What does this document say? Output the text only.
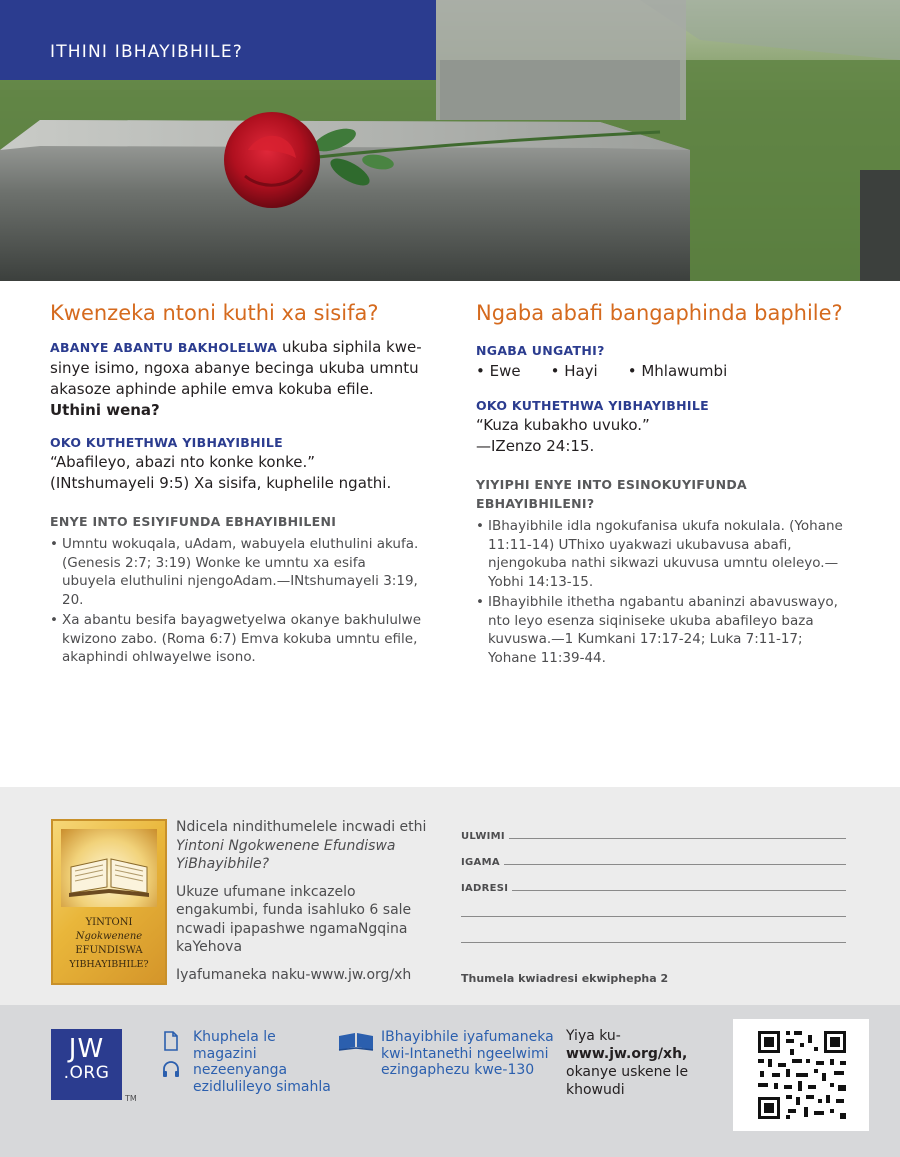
ITHINI IBHAYIBHILE?
Kwenzeka ntoni kuthi xa sisifa?

ABANYE ABANTU BAKHOLELWA ukuba siphila kwe-sinye isimo, ngoxa abanye becinga ukuba umntu akasoze aphinde aphile emva kokuba efile. Uthini wena?

OKO KUTHETHWA YIBHAYIBHILE

“Abafileyo, abazi nto konke konke.” (INtshumayeli 9:5) Xa sisifa, kuphelile ngathi.

ENYE INTO ESIYIFUNDA EBHAYIBHILENI
• Umntu wokuqala, uAdam, wabuyela eluthulini akufa. (Genesis 2:7; 3:19) Wonke ke umntu xa esifa ubuyela eluthulini njengoAdam.—INtshumayeli 3:19, 20.
• Xa abantu besifa bayagwetyelwa okanye bakhululwe kwizono zabo. (Roma 6:7) Emva kokuba umntu efile, akaphindi ohlwayelwe isono.
Ngaba abafi bangaphinda baphile?
NGABA UNGATHI?
• Ewe • Hayi • Mhlawumbi
OKO KUTHETHWA YIBHAYIBHILE

“Kuza kubakho uvuko.”

—IZenzo 24:15.

YIYIPHI ENYE INTO ESINOKUYIFUNDA EBHAYIBHILENI?
• IBhayibhile idla ngokufanisa ukufa nokulala. (Yohane 11:11-14) UThixo uyakwazi ukubavusa abafi, njengokuba nathi sikwazi ukuvusa umntu oleleyo.—Yobhi 14:13-15.
• IBhayibhile ithetha ngabantu abaninzi abavuswayo, nto leyo esenza siqiniseke ukuba abafileyo baza kuvuswa.—1 Kumkani 17:17-24; Luka 7:11-17; Yohane 11:39-44.
YINTONI
Ngokwenene
EFUNDISWA
YIBHAYIBHILE?

Ndicela nindithumelele incwadi ethi Yintoni Ngokwenene Efundiswa YiBhayibhile?

Ukuze ufumane inkcazelo engakumbi, funda isahluko 6 sale ncwadi ipapashwe ngamaNgqina kaYehova

Iyafumaneka naku-www.jw.org/xh

ULWIMI
IGAMA
IADRESI
Thumela kwiadresi ekwiphepha 2
JW
.ORG
TM
Khuphela le magazini nezeenyanga ezidlulileyo simahla
IBhayibhile iyafumaneka kwi-Intanethi ngeelwimi ezingaphezu kwe-130
Yiya ku-www.jw.org/xh, okanye uskene le khowudi
